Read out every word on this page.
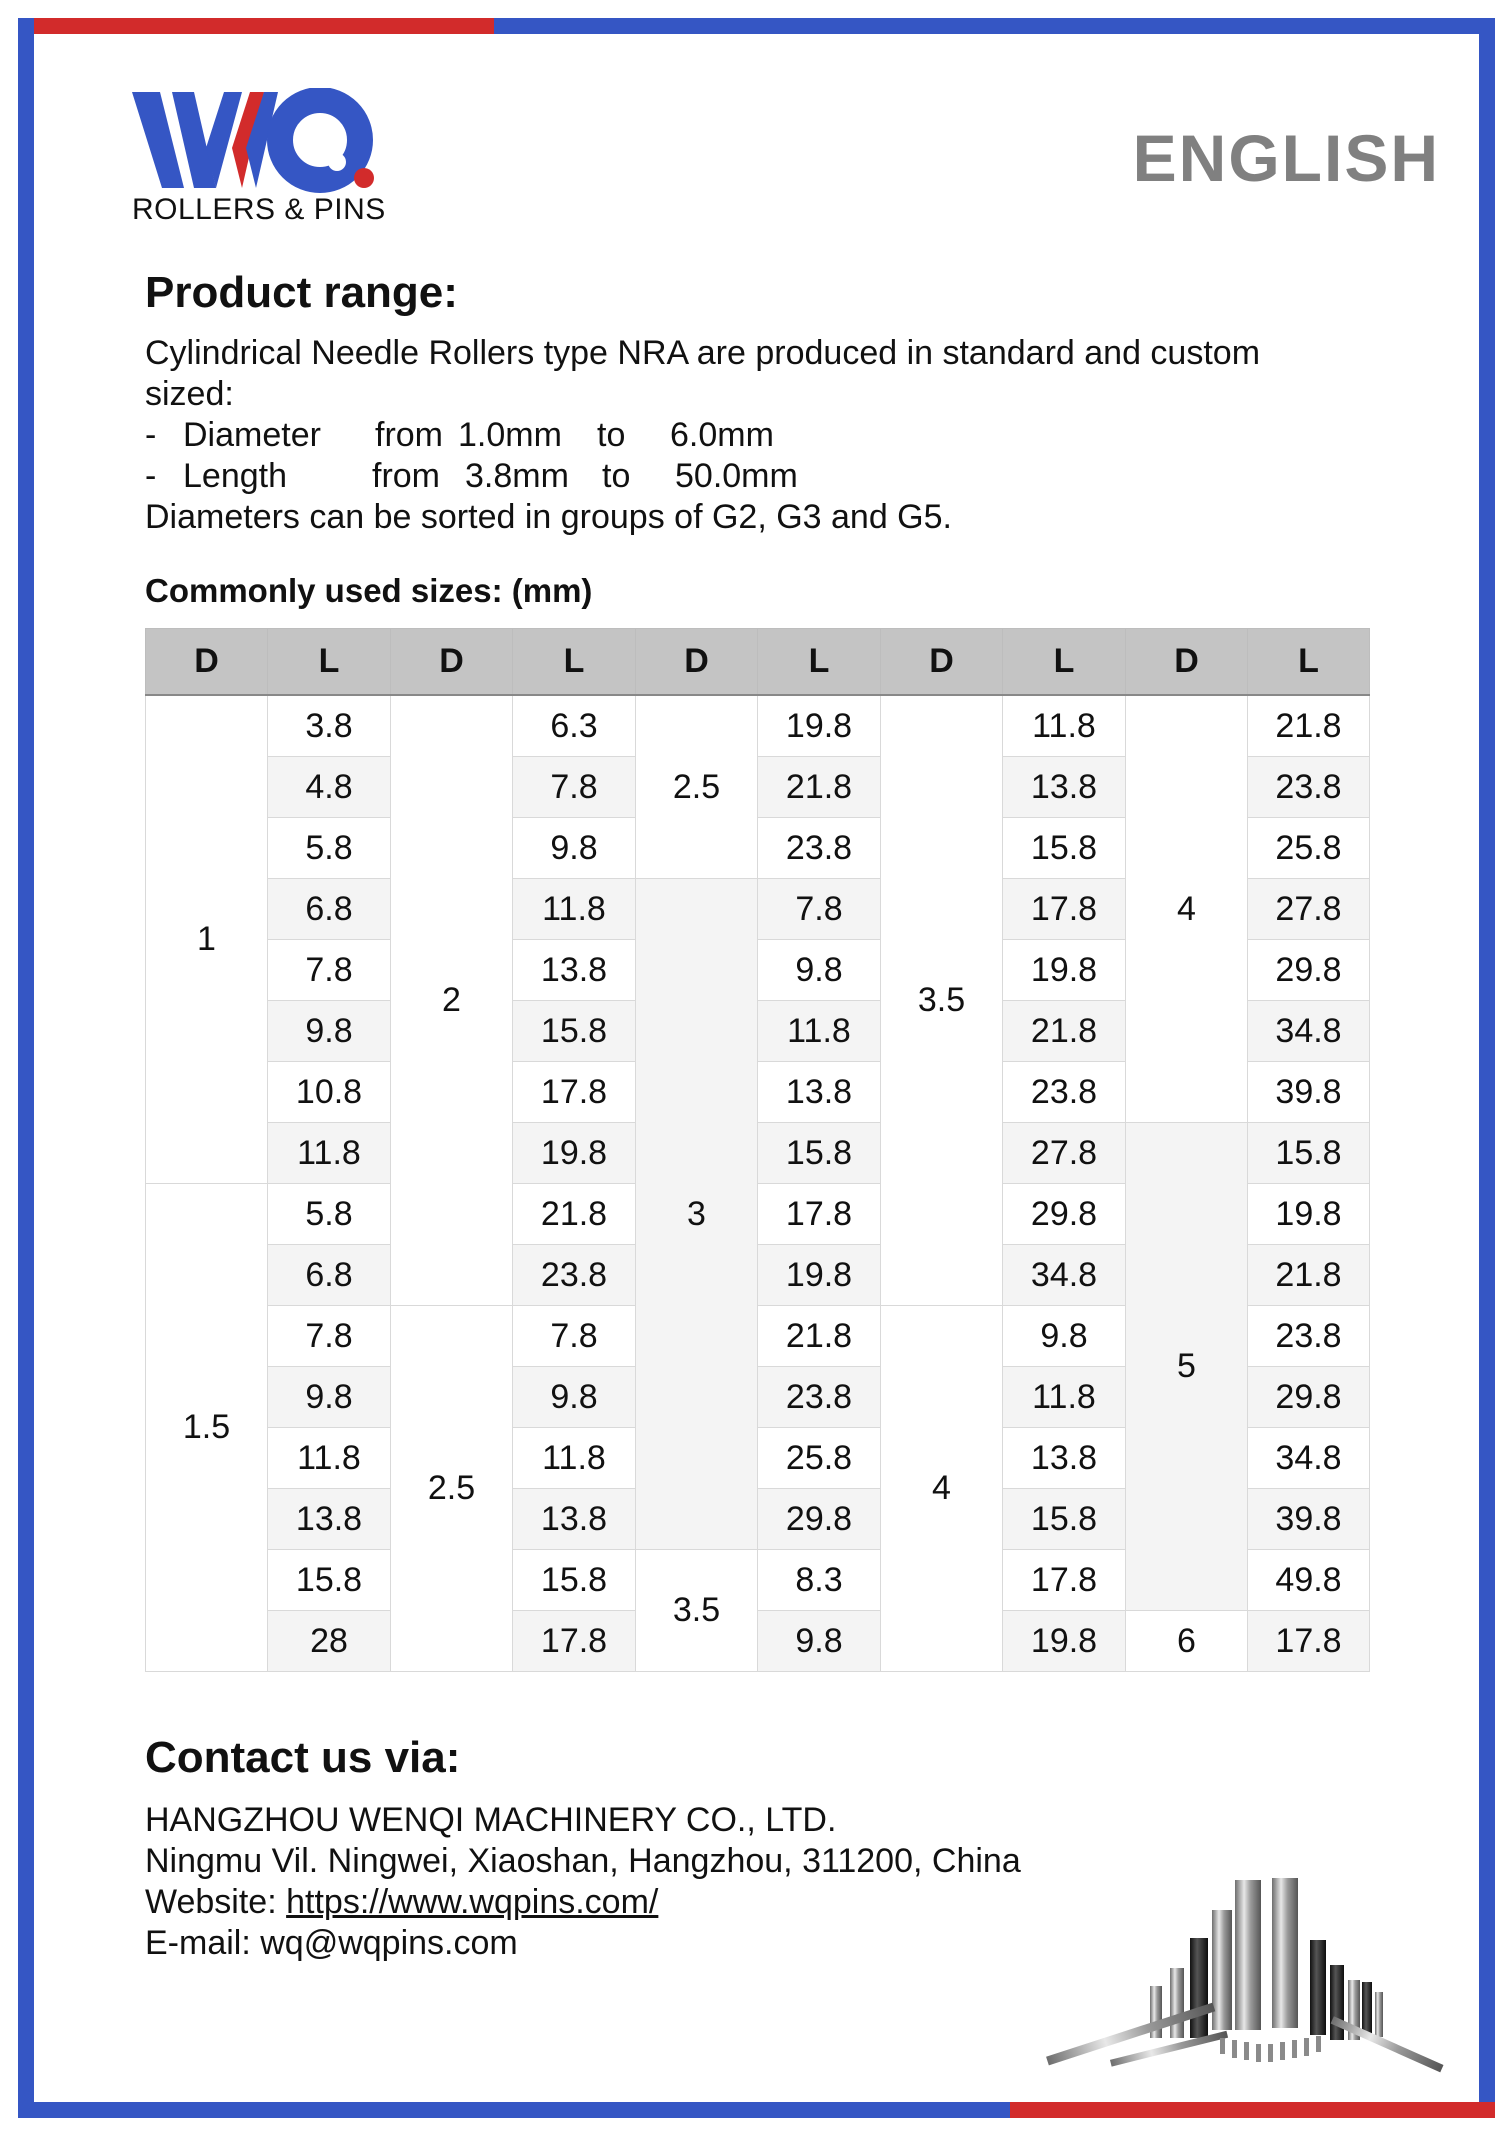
ROLLERS & PINS
ENGLISH
Product range:
Cylindrical Needle Rollers type NRA are produced in standard and custom
sized:
- Diameter from 1.0mm to 6.0mm
- Length	from 3.8mm to 50.0mm
Diameters can be sorted in groups of G2, G3 and G5.
Commonly used sizes: (mm)
D	L	D	L	D	L	D	L	D	L
1	3.8	2	6.3	2.5	19.8	3.5	11.8	4	21.8
	4.8		7.8		21.8		13.8		23.8
	5.8		9.8		23.8		15.8		25.8
	6.8		11.8	3	7.8		17.8		27.8
	7.8		13.8		9.8		19.8		29.8
	9.8		15.8		11.8		21.8		34.8
	10.8		17.8		13.8		23.8		39.8
	11.8		19.8		15.8		27.8	5	15.8
1.5	5.8		21.8		17.8		29.8		19.8
	6.8		23.8		19.8		34.8		21.8
	7.8	2.5	7.8		21.8	4	9.8		23.8
	9.8		9.8		23.8		11.8		29.8
	11.8		11.8		25.8		13.8		34.8
	13.8		13.8		29.8		15.8		39.8
	15.8		15.8	3.5	8.3		17.8		49.8
	28		17.8		9.8		19.8	6	17.8
Contact us via:
HANGZHOU WENQI MACHINERY CO., LTD.
Ningmu Vil. Ningwei, Xiaoshan, Hangzhou, 311200, China
Website: https://www.wqpins.com/
E-mail: wq@wqpins.com
